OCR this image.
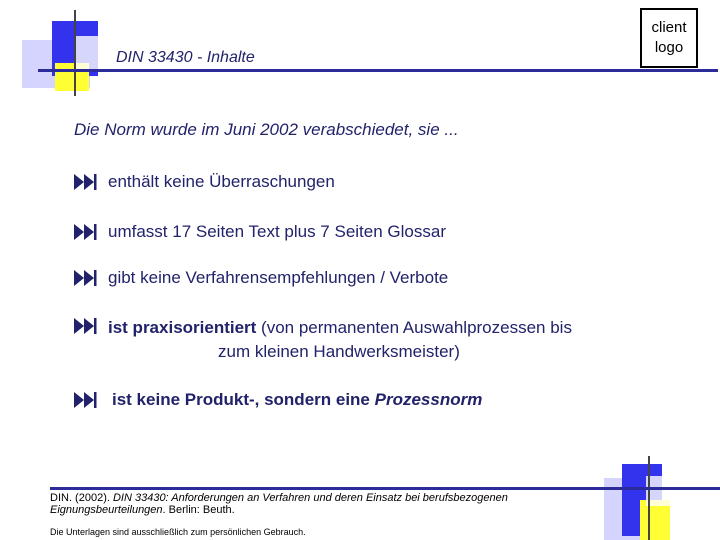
DIN 33430 - Inhalte
client
logo
Die Norm wurde im Juni 2002 verabschiedet, sie ...
enthält keine Überraschungen
umfasst 17 Seiten Text plus 7 Seiten Glossar
gibt keine Verfahrensempfehlungen / Verbote
ist praxisorientiert (von permanenten Auswahlprozessen bis
zum kleinen Handwerksmeister)
ist keine Produkt-, sondern eine Prozessnorm
DIN. (2002). DIN 33430: Anforderungen an Verfahren und deren Einsatz bei berufsbezogenen Eignungsbeurteilungen. Berlin: Beuth.
Die Unterlagen sind ausschließlich zum persönlichen Gebrauch.
